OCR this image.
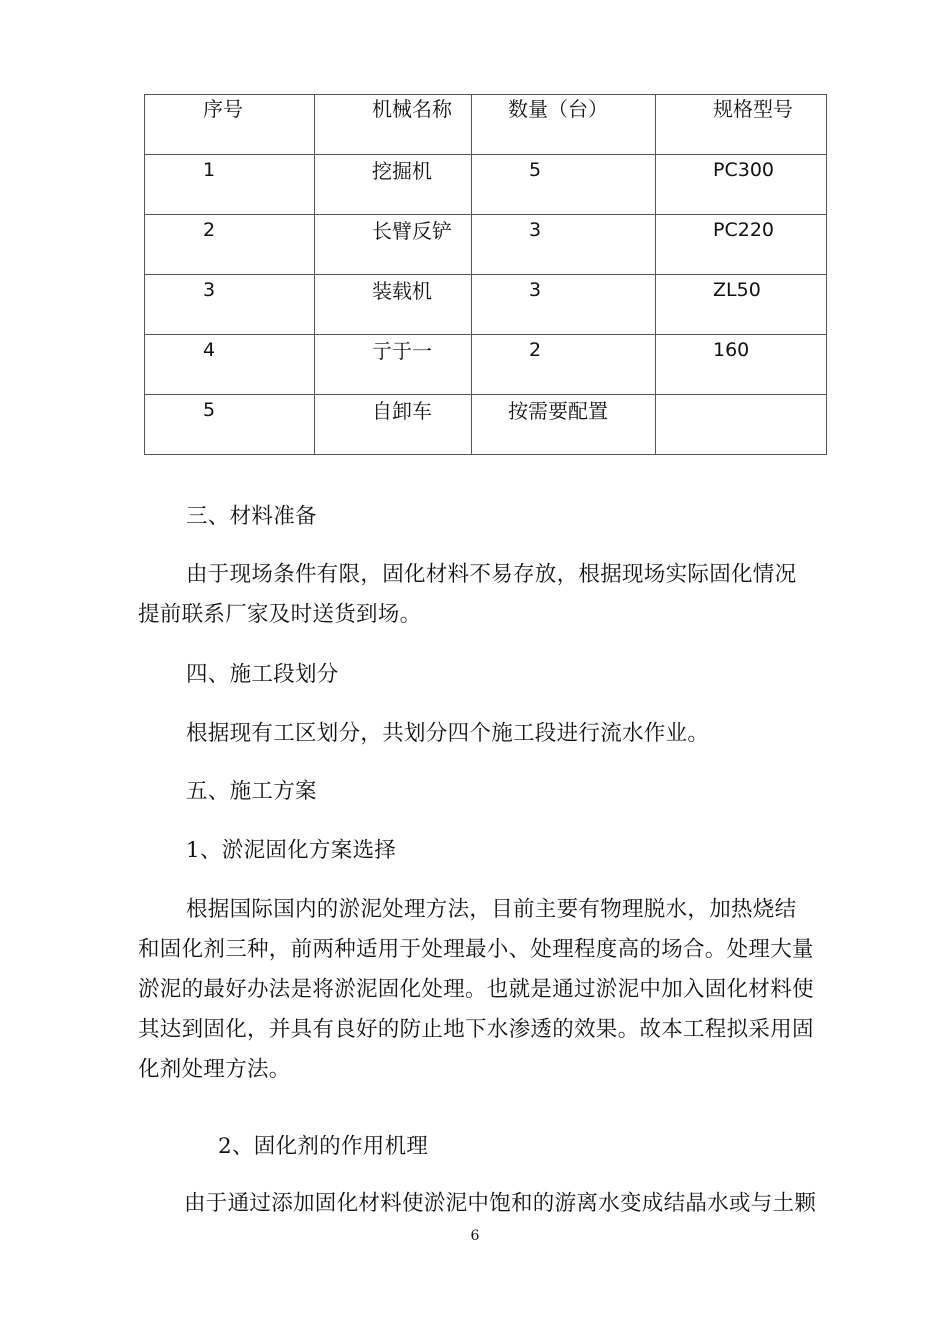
序号	机械名称	数量（台）	规格型号
1	挖掘机	5	PC300
2	长臂反铲	3	PC220
3	装载机	3	ZL50
4	亍于一	2	160
5	自卸车	按需要配置	

三、材料准备

由于现场条件有限，固化材料不易存放，根据现场实际固化情况
提前联系厂家及时送货到场。

四、施工段划分

根据现有工区划分，共划分四个施工段进行流水作业。

五、施工方案

1、淤泥固化方案选择

根据国际国内的淤泥处理方法，目前主要有物理脱水，加热烧结
和固化剂三种，前两种适用于处理最小、处理程度高的场合。处理大量
淤泥的最好办法是将淤泥固化处理。也就是通过淤泥中加入固化材料使
其达到固化，并具有良好的防止地下水渗透的效果。故本工程拟采用固
化剂处理方法。

2、固化剂的作用机理

由于通过添加固化材料使淤泥中饱和的游离水变成结晶水或与土颗

6
